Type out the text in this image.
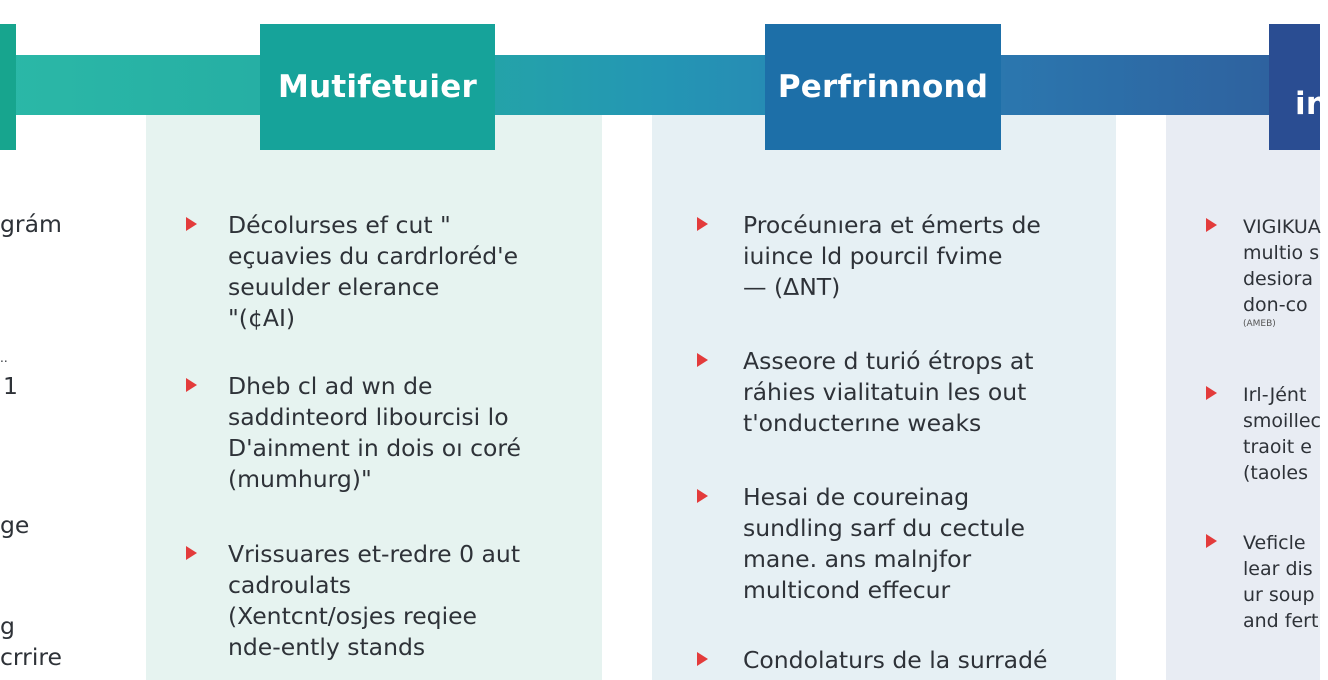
Mutifetuier	Perfrinnond	in
grám
..
1
ge
g
crrire
Décolurses ef cut "
eçuavies du cardrloréd'e
seuulder elerance
"(¢AI)
Dheb cl ad wn de
saddinteord libourcisi lo
D'ainment in dois oı coré
(mumhurg)"
Vrissuares et-redre 0 aut
cadroulats
(Xentcnt/osjes reqiee
nde-ently stands
Procéunıera et émerts de
iuince ld pourcil fvime
— (ΔΝΤ)
Asseore d turió étrops at
ráhies vialitatuin les out
t'onducterıne weaks
Hesai de coureinag
sundling sarf du cectule
mane. ans malnjfor
multicond effecur
Condolaturs de la surradé
VIGIKUA
multio s
desiora
don-co
(ΑΜΕΒ)
Irl-Jént
smoillec
traoit e
(taoles
Veficle
lear dis
ur soup
and fert
